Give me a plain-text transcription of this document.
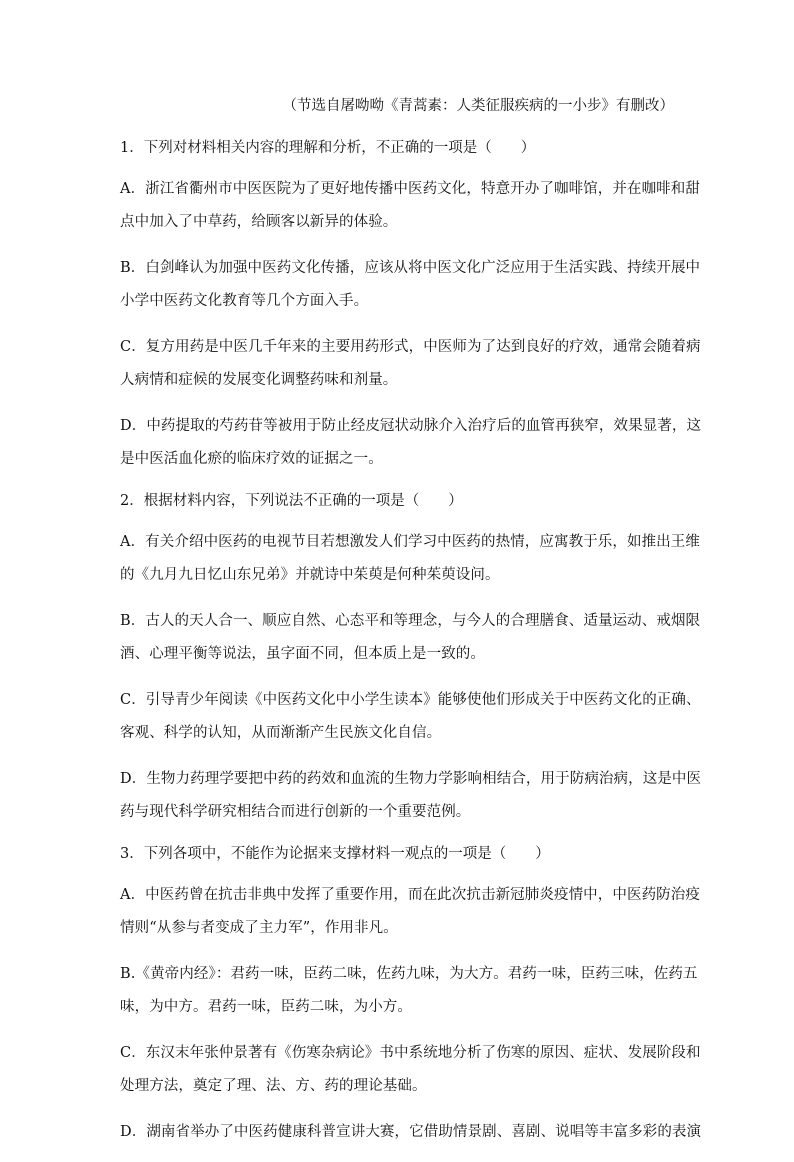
（节选自屠呦呦《青蒿素：人类征服疾病的一小步》有删改）
1．下列对材料相关内容的理解和分析，不正确的一项是（　　）
A．浙江省衢州市中医医院为了更好地传播中医药文化，特意开办了咖啡馆，并在咖啡和甜
点中加入了中草药，给顾客以新异的体验。
B．白剑峰认为加强中医药文化传播，应该从将中医文化广泛应用于生活实践、持续开展中
小学中医药文化教育等几个方面入手。
C．复方用药是中医几千年来的主要用药形式，中医师为了达到良好的疗效，通常会随着病
人病情和症候的发展变化调整药味和剂量。
D．中药提取的芍药苷等被用于防止经皮冠状动脉介入治疗后的血管再狭窄，效果显著，这
是中医活血化瘀的临床疗效的证据之一。
2．根据材料内容，下列说法不正确的一项是（　　）
A．有关介绍中医药的电视节目若想激发人们学习中医药的热情，应寓教于乐，如推出王维
的《九月九日忆山东兄弟》并就诗中茱萸是何种茱萸设问。
B．古人的天人合一、顺应自然、心态平和等理念，与今人的合理膳食、适量运动、戒烟限
酒、心理平衡等说法，虽字面不同，但本质上是一致的。
C．引导青少年阅读《中医药文化中小学生读本》能够使他们形成关于中医药文化的正确、
客观、科学的认知，从而渐渐产生民族文化自信。
D．生物力药理学要把中药的药效和血流的生物力学影响相结合，用于防病治病，这是中医
药与现代科学研究相结合而进行创新的一个重要范例。
3．下列各项中，不能作为论据来支撑材料一观点的一项是（　　）
A．中医药曾在抗击非典中发挥了重要作用，而在此次抗击新冠肺炎疫情中，中医药防治疫
情则“从参与者变成了主力军”，作用非凡。
B.《黄帝内经》：君药一味，臣药二味，佐药九味，为大方。君药一味，臣药三味，佐药五
味，为中方。君药一味，臣药二味，为小方。
C．东汉末年张仲景著有《伤寒杂病论》书中系统地分析了伤寒的原因、症状、发展阶段和
处理方法，奠定了理、法、方、药的理论基础。
D．湖南省举办了中医药健康科普宣讲大赛，它借助情景剧、喜剧、说唱等丰富多彩的表演
